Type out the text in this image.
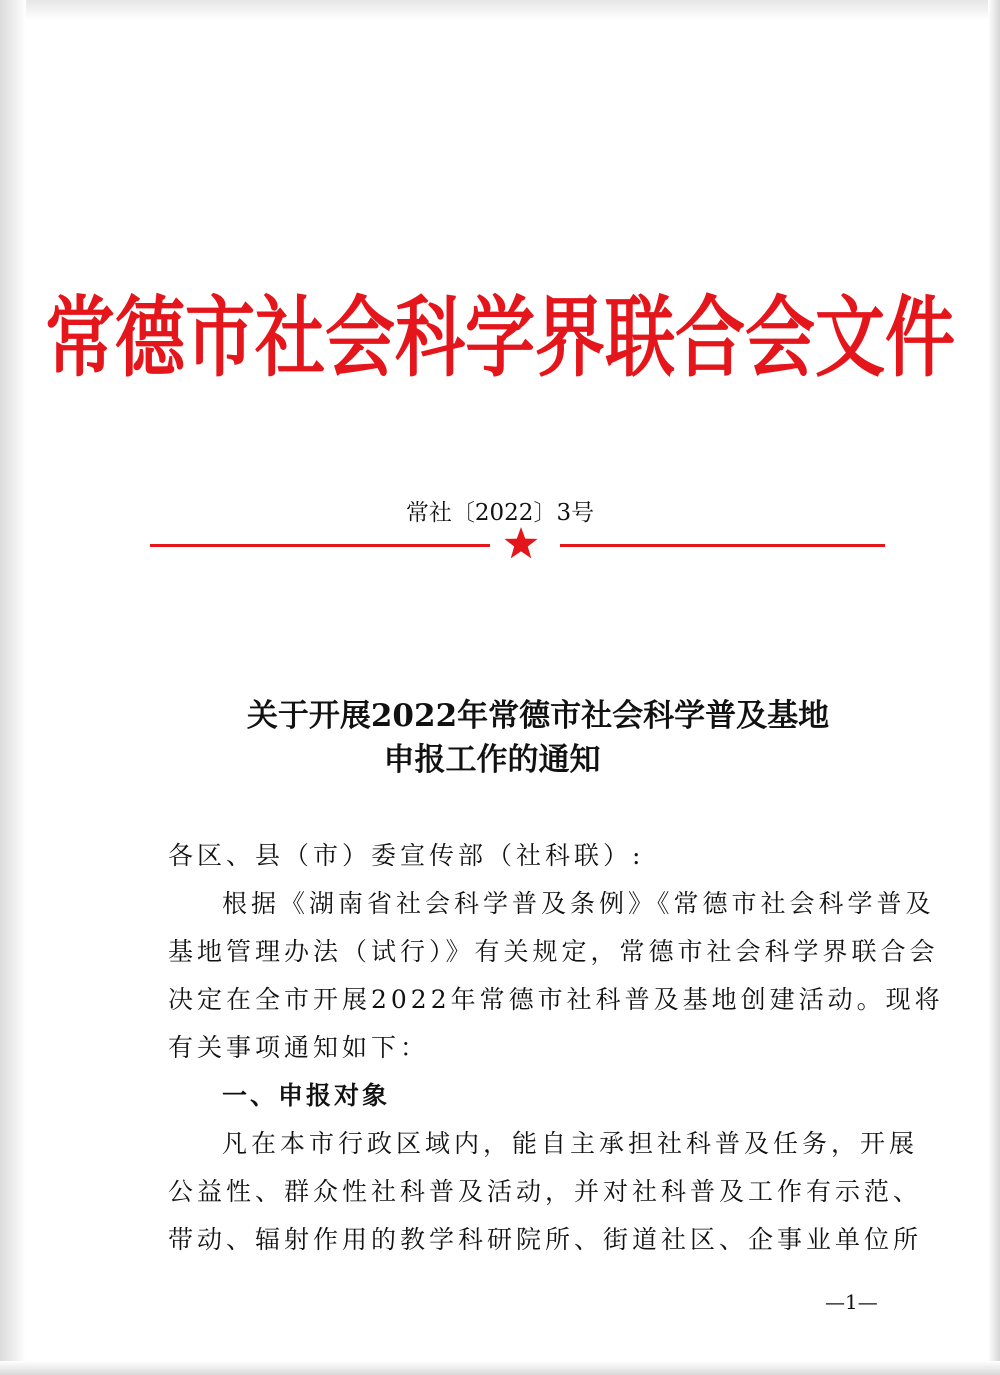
常德市社会科学界联合会文件
常社〔2022〕3号
关于开展2022年常德市社会科学普及基地
申报工作的通知
各区、县（市）委宣传部（社科联）:
根据《湖南省社会科学普及条例》《常德市社会科学普及
基地管理办法（试行）》有关规定，常德市社会科学界联合会
决定在全市开展2022年常德市社科普及基地创建活动。现将
有关事项通知如下：
一、申报对象
凡在本市行政区域内，能自主承担社科普及任务，开展
公益性、群众性社科普及活动，并对社科普及工作有示范、
带动、辐射作用的教学科研院所、街道社区、企事业单位所
—1—
